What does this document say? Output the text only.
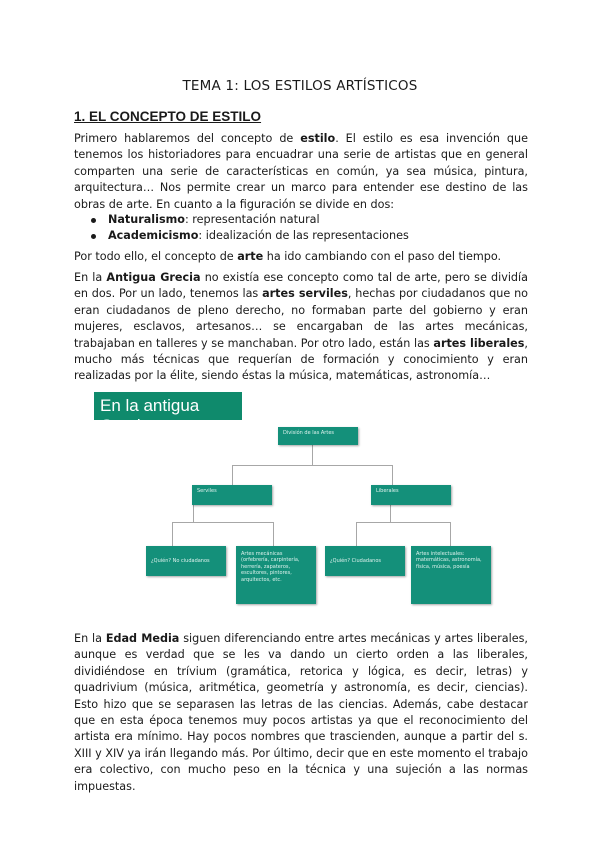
TEMA 1: LOS ESTILOS ARTÍSTICOS
1. EL CONCEPTO DE ESTILO

Primero hablaremos del concepto de estilo. El estilo es esa invención que tenemos los historiadores para encuadrar una serie de artistas que en general comparten una serie de características en común, ya sea música, pintura, arquitectura… Nos permite crear un marco para entender ese destino de las obras de arte. En cuanto a la figuración se divide en dos:

Naturalismo: representación natural
Academicismo: idealización de las representaciones

Por todo ello, el concepto de arte ha ido cambiando con el paso del tiempo.

En la Antigua Grecia no existía ese concepto como tal de arte, pero se dividía en dos. Por un lado, tenemos las artes serviles, hechas por ciudadanos que no eran ciudadanos de pleno derecho, no formaban parte del gobierno y eran mujeres, esclavos, artesanos… se encargaban de las artes mecánicas, trabajaban en talleres y se manchaban. Por otro lado, están las artes liberales, mucho más técnicas que requerían de formación y conocimiento y eran realizadas por la élite, siendo éstas la música, matemáticas, astronomía…

En la antigua Grecia	División de las Artes
Serviles	Liberales
¿Quién? No ciudadanos
Artes mecánicas (orfebrería, carpintería, herrería, zapateros, escultores, pintores, arquitectos, etc.
¿Quién? Ciudadanos
Artes intelectuales: matemáticas, astronomía, física, música, poesía

En la Edad Media siguen diferenciando entre artes mecánicas y artes liberales, aunque es verdad que se les va dando un cierto orden a las liberales, dividiéndose en trívium (gramática, retorica y lógica, es decir, letras) y quadrivium (música, aritmética, geometría y astronomía, es decir, ciencias). Esto hizo que se separasen las letras de las ciencias. Además, cabe destacar que en esta época tenemos muy pocos artistas ya que el reconocimiento del artista era mínimo. Hay pocos nombres que trascienden, aunque a partir del s. XIII y XIV ya irán llegando más. Por último, decir que en este momento el trabajo era colectivo, con mucho peso en la técnica y una sujeción a las normas impuestas.
